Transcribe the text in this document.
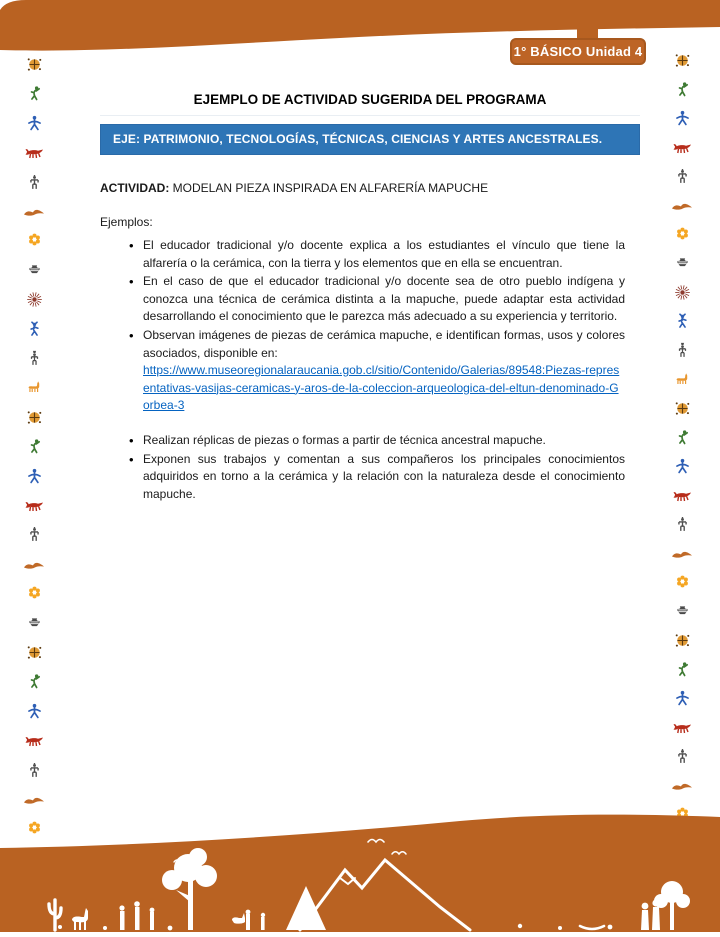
1° BÁSICO Unidad 4
EJEMPLO DE ACTIVIDAD SUGERIDA DEL PROGRAMA
EJE: PATRIMONIO, TECNOLOGÍAS, TÉCNICAS, CIENCIAS Y ARTES ANCESTRALES.
ACTIVIDAD: MODELAN PIEZA INSPIRADA EN ALFARERÍA MAPUCHE
Ejemplos:
• El educador tradicional y/o docente explica a los estudiantes el vínculo que tiene la alfarería o la cerámica, con la tierra y los elementos que en ella se encuentran.
• En el caso de que el educador tradicional y/o docente sea de otro pueblo indígena y conozca una técnica de cerámica distinta a la mapuche, puede adaptar esta actividad desarrollando el conocimiento que le parezca más adecuado a su experiencia y territorio.
• Observan imágenes de piezas de cerámica mapuche, e identifican formas, usos y colores asociados, disponible en:
https://www.museoregionalaraucania.gob.cl/sitio/Contenido/Galerias/89548:Piezas-representativas-vasijas-ceramicas-y-aros-de-la-coleccion-arqueologica-del-eltun-denominado-Gorbea-3
• Realizan réplicas de piezas o formas a partir de técnica ancestral mapuche.
• Exponen sus trabajos y comentan a sus compañeros los principales conocimientos adquiridos en torno a la cerámica y la relación con la naturaleza desde el conocimiento mapuche.
